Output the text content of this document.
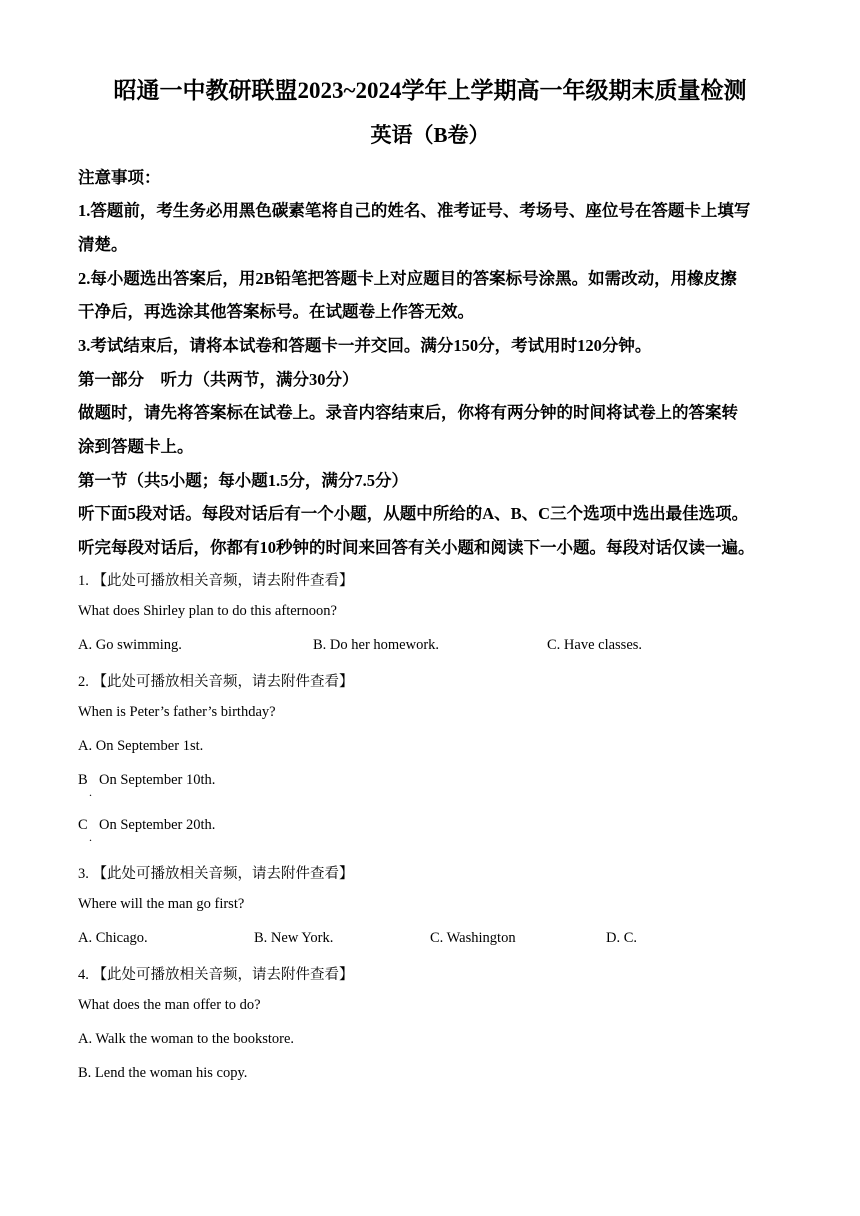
昭通一中教研联盟2023~2024学年上学期高一年级期末质量检测
英语（B卷）
注意事项：
1.答题前，考生务必用黑色碳素笔将自己的姓名、准考证号、考场号、座位号在答题卡上填写
清楚。
2.每小题选出答案后，用2B铅笔把答题卡上对应题目的答案标号涂黑。如需改动，用橡皮擦
干净后，再选涂其他答案标号。在试题卷上作答无效。
3.考试结束后，请将本试卷和答题卡一并交回。满分150分，考试用时120分钟。
第一部分    听力（共两节，满分30分）
做题时，请先将答案标在试卷上。录音内容结束后，你将有两分钟的时间将试卷上的答案转
涂到答题卡上。
第一节（共5小题；每小题1.5分，满分7.5分）
听下面5段对话。每段对话后有一个小题，从题中所给的A、B、C三个选项中选出最佳选项。
听完每段对话后，你都有10秒钟的时间来回答有关小题和阅读下一小题。每段对话仅读一遍。
1. 【此处可播放相关音频，请去附件查看】
What does Shirley plan to do this afternoon?
A. Go swimming.	B. Do her homework.	C. Have classes.
2. 【此处可播放相关音频，请去附件查看】
When is Peter’s father’s birthday?
A. On September 1st.
B
.
On September 10th.
C
.
On September 20th.
3. 【此处可播放相关音频，请去附件查看】
Where will the man go first?
A. Chicago.	B. New York.	C. Washington	D. C.
4. 【此处可播放相关音频，请去附件查看】
What does the man offer to do?
A. Walk the woman to the bookstore.
B. Lend the woman his copy.
